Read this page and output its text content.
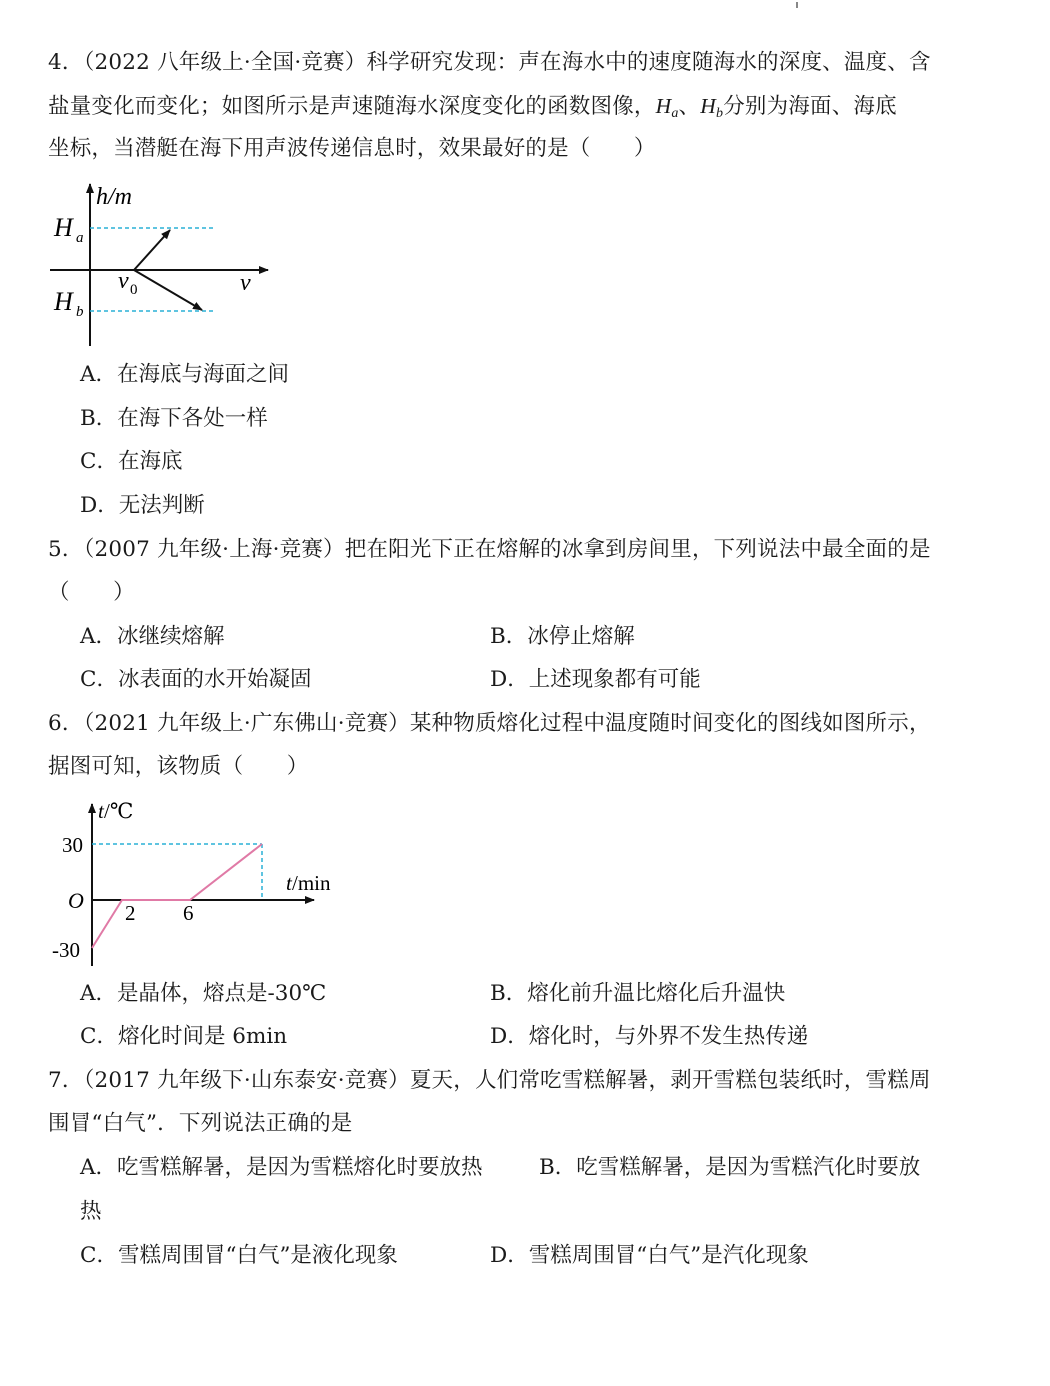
4．（2022 八年级上·全国·竞赛）科学研究发现：声在海水中的速度随海水的深度、温度、含
盐量变化而变化；如图所示是声速随海水深度变化的函数图像，$H_a$、$H_b$分别为海面、海底
坐标，当潜艇在海下用声波传递信息时，效果最好的是（　　）
h/m
H a
H b
v 0	v
A．在海底与海面之间
B．在海下各处一样
C．在海底
D．无法判断
5．（2007 九年级·上海·竞赛）把在阳光下正在熔解的冰拿到房间里，下列说法中最全面的是
（　　）
A．冰继续熔解	B．冰停止熔解
C．冰表面的水开始凝固	D．上述现象都有可能
6．（2021 九年级上·广东佛山·竞赛）某种物质熔化过程中温度随时间变化的图线如图所示，
据图可知，该物质（　　）
t /℃
30
O
-30
2 6
t /min
A．是晶体，熔点是-30℃	B．熔化前升温比熔化后升温快
C．熔化时间是 6min	D．熔化时，与外界不发生热传递
7．（2017 九年级下·山东泰安·竞赛）夏天，人们常吃雪糕解暑，剥开雪糕包装纸时，雪糕周
围冒“白气”．下列说法正确的是
A．吃雪糕解暑，是因为雪糕熔化时要放热	B．吃雪糕解暑，是因为雪糕汽化时要放
热
C．雪糕周围冒“白气”是液化现象	D．雪糕周围冒“白气”是汽化现象
